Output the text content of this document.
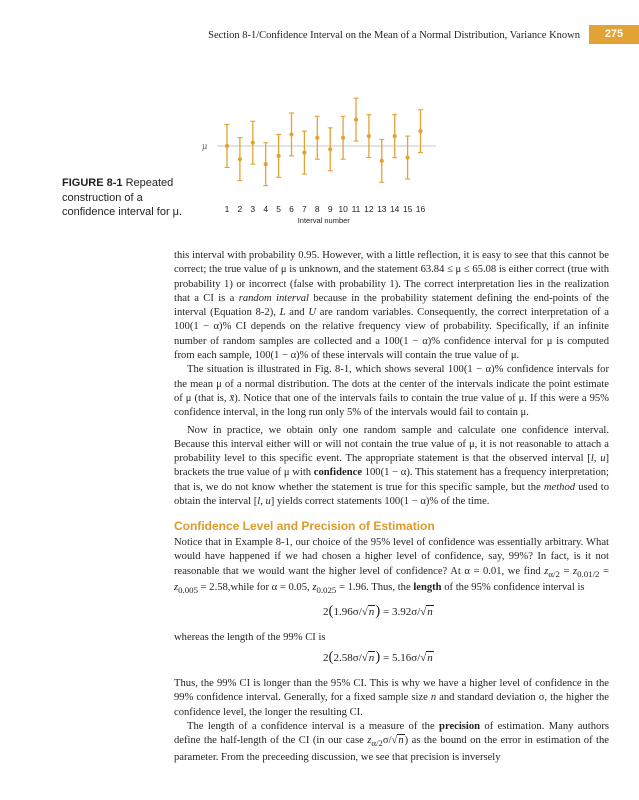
Section 8-1/Confidence Interval on the Mean of a Normal Distribution, Variance Known	275
FIGURE 8-1 Repeated construction of a confidence interval for μ.
μ
1 2 3 4 5 6 7 8 9 10 11 12 13 14 15 16
Interval number

this interval with probability 0.95. However, with a little reflection, it is easy to see that this cannot be correct; the true value of μ is unknown, and the statement 63.84 ≤ μ ≤ 65.08 is either correct (true with probability 1) or incorrect (false with probability 1). The correct interpretation lies in the realization that a CI is a random interval because in the probability statement defining the end-points of the interval (Equation 8-2), L and U are random variables. Consequently, the correct interpretation of a 100(1 − α)% CI depends on the relative frequency view of probability. Specifically, if an infinite number of random samples are collected and a 100(1 − α)% confidence interval for μ is computed from each sample, 100(1 − α)% of these intervals will contain the true value of μ.

The situation is illustrated in Fig. 8-1, which shows several 100(1 − α)% confidence intervals for the mean μ of a normal distribution. The dots at the center of the intervals indicate the point estimate of μ (that is, x̄). Notice that one of the intervals fails to contain the true value of μ. If this were a 95% confidence interval, in the long run only 5% of the intervals would fail to contain μ.

Now in practice, we obtain only one random sample and calculate one confidence interval. Because this interval either will or will not contain the true value of μ, it is not reasonable to attach a probability level to this specific event. The appropriate statement is that the observed interval [l, u] brackets the true value of μ with confidence 100(1 − α). This statement has a frequency interpretation; that is, we do not know whether the statement is true for this specific sample, but the method used to obtain the interval [l, u] yields correct statements 100(1 − α)% of the time.

Confidence Level and Precision of Estimation

Notice that in Example 8-1, our choice of the 95% level of confidence was essentially arbitrary. What would have happened if we had chosen a higher level of confidence, say, 99%? In fact, is it not reasonable that we would want the higher level of confidence? At α = 0.01, we find $z_{\alpha/2} = z_{0.01/2} = z_{0.005}$ = 2.58,while for α = 0.05, $z_{0.025} = 1.96$. Thus, the length of the 95% confidence interval is

2(1.96σ/√n) = 3.92σ/√n

whereas the length of the 99% CI is

2(2.58σ/√n) = 5.16σ/√n

Thus, the 99% CI is longer than the 95% CI. This is why we have a higher level of confidence in the 99% confidence interval. Generally, for a fixed sample size n and standard deviation σ, the higher the confidence level, the longer the resulting CI.

The length of a confidence interval is a measure of the precision of estimation. Many authors define the half-length of the CI (in our case $z_{\alpha/2}\sigma/√n$) as the bound on the error in estimation of the parameter. From the preceeding discussion, we see that precision is inversely
